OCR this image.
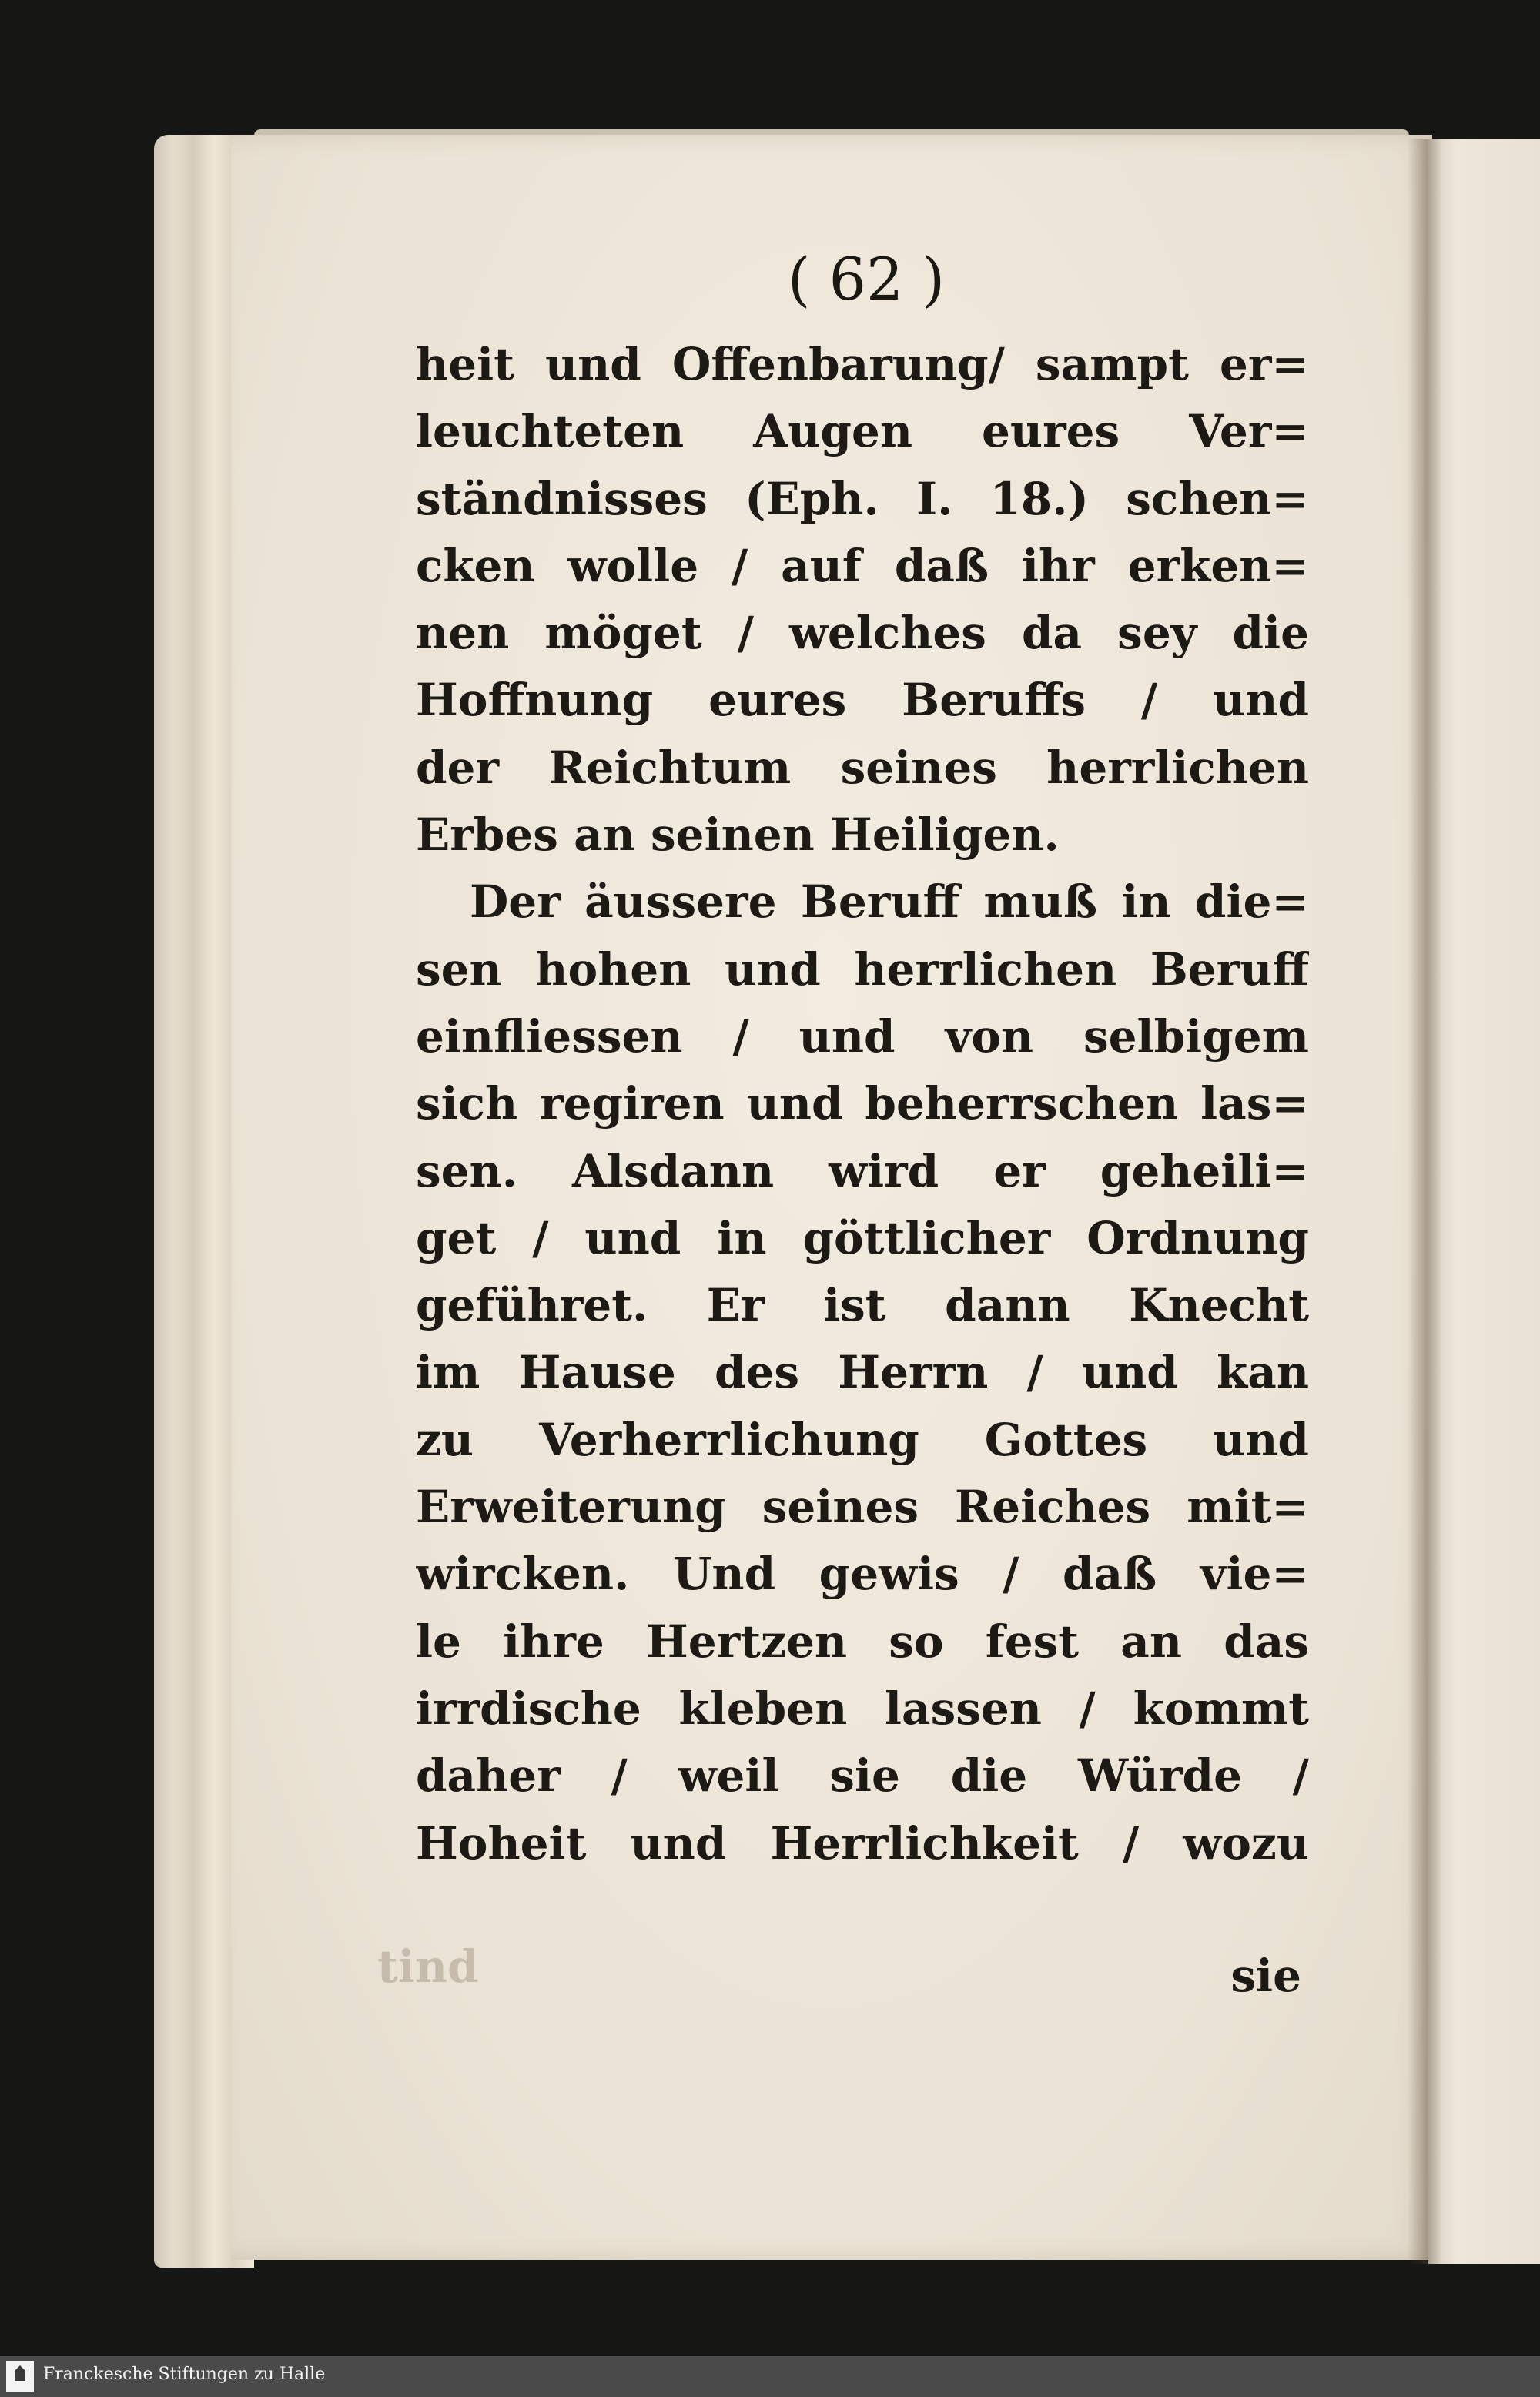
( 62 )
heit und Offenbarung/ sampt er=
leuchteten Augen eures Ver=
ständnisses (Eph. I. 18.) schen=
cken wolle / auf daß ihr erken=
nen möget / welches da sey die
Hoffnung eures Beruffs / und
der Reichtum seines herrlichen
Erbes an seinen Heiligen.
Der äussere Beruff muß in die=
sen hohen und herrlichen Beruff
einfliessen / und von selbigem
sich regiren und beherrschen las=
sen. Alsdann wird er geheili=
get / und in göttlicher Ordnung
geführet. Er ist dann Knecht
im Hause des Herrn / und kan
zu Verherrlichung Gottes und
Erweiterung seines Reiches mit=
wircken. Und gewis / daß vie=
le ihre Hertzen so fest an das
irrdische kleben lassen / kommt
daher / weil sie die Würde /
Hoheit und Herrlichkeit / wozu
tind	sie
Franckesche Stiftungen zu Halle
